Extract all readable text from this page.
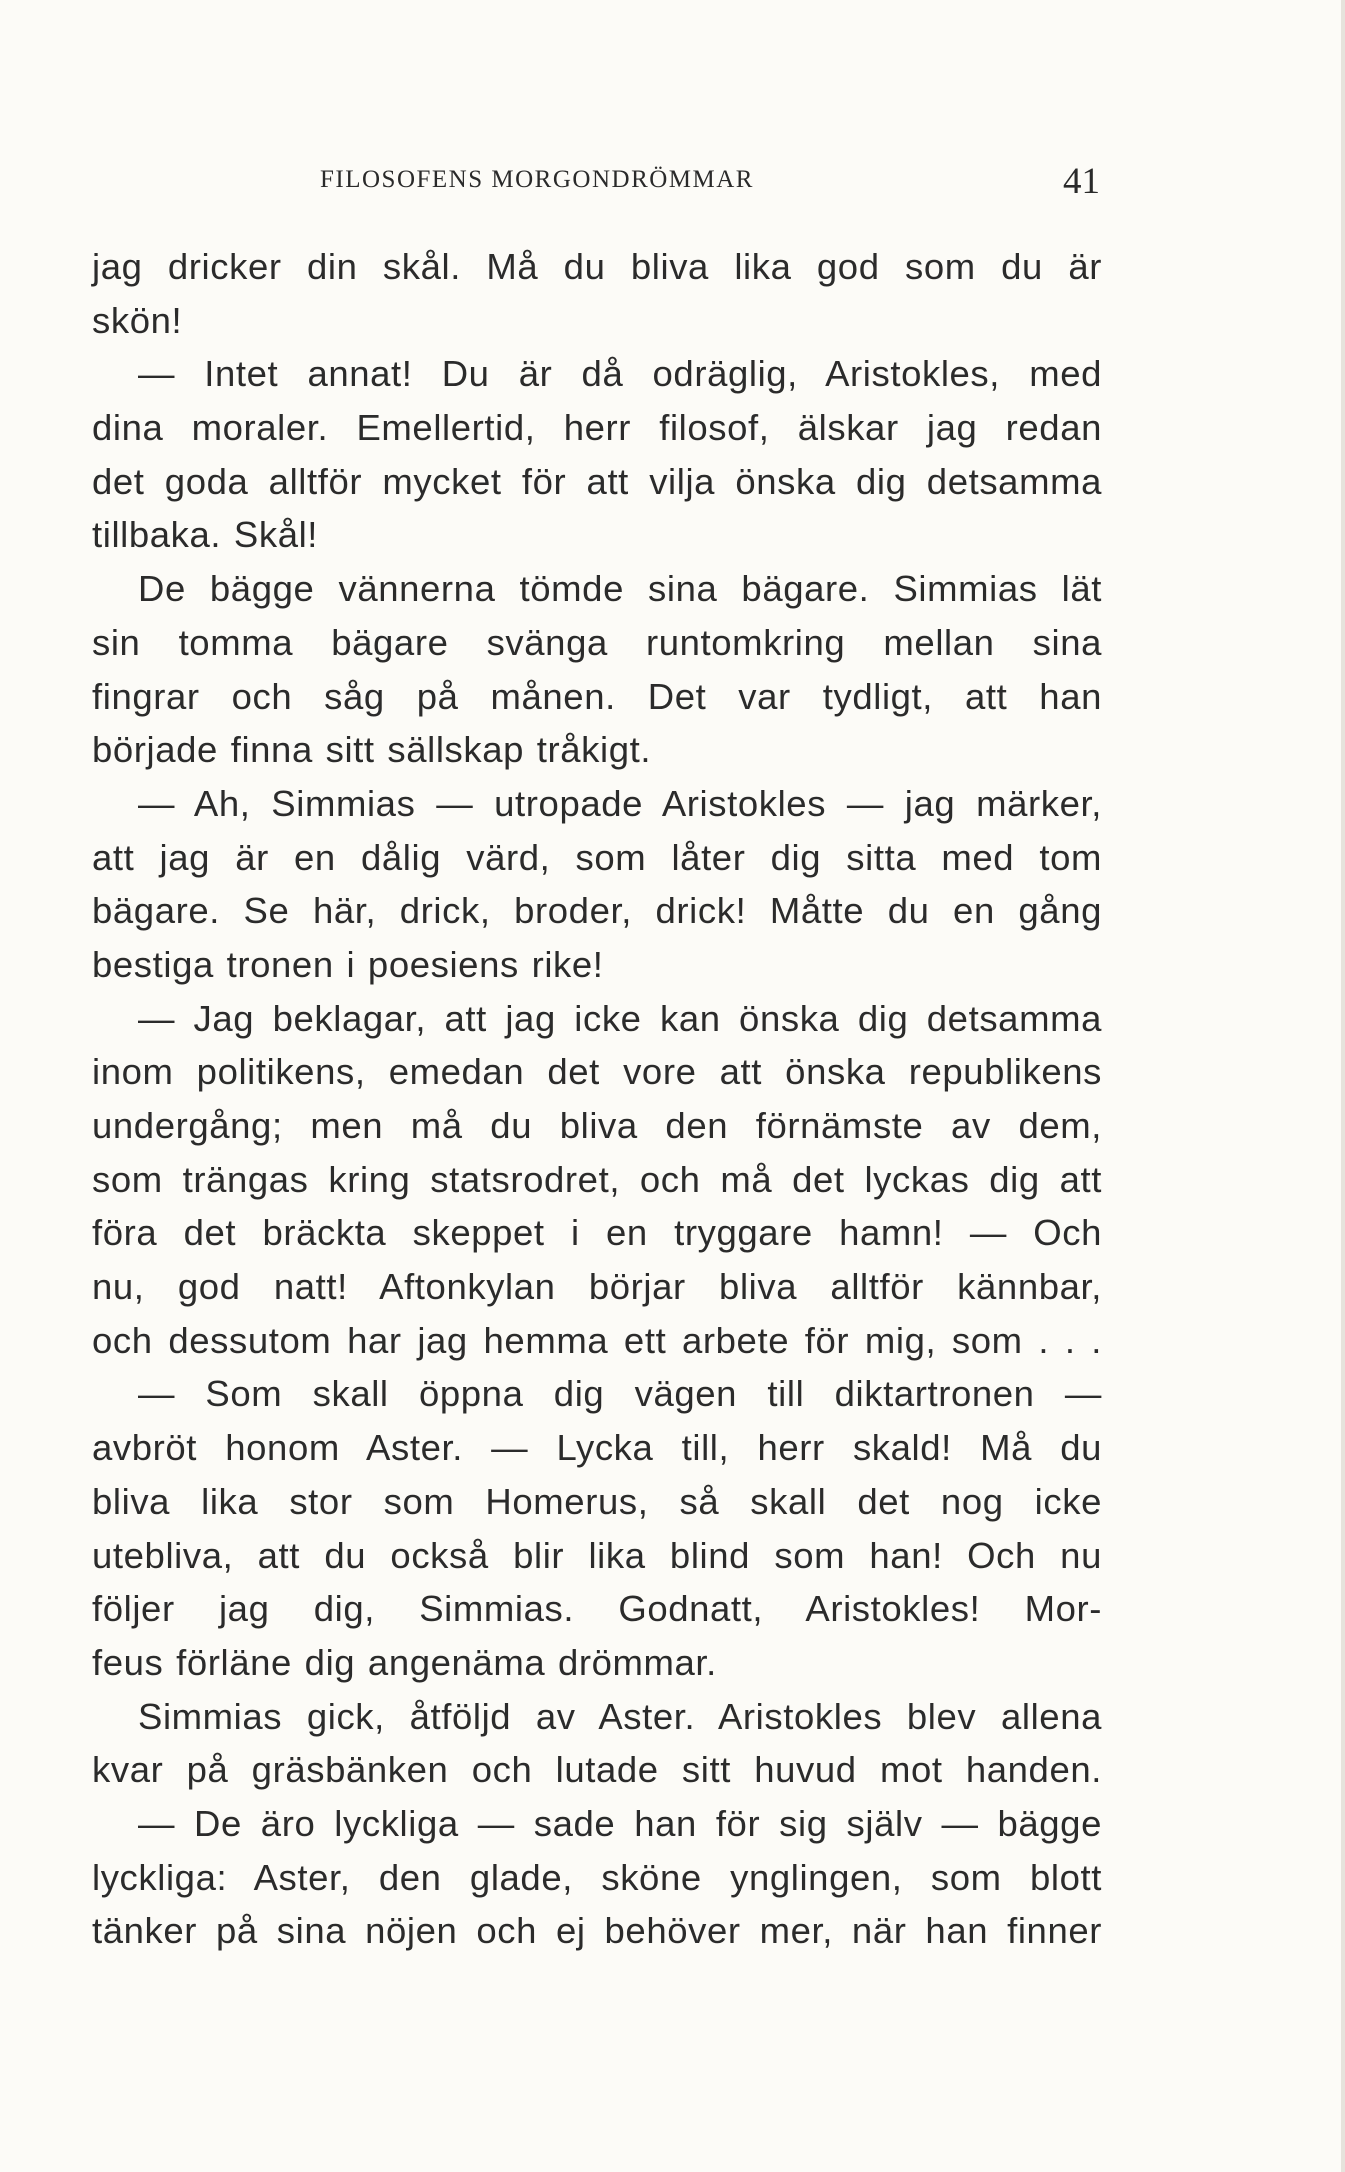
FILOSOFENS MORGONDRÖMMAR	41
jag dricker din skål. Må du bliva lika god som du är
skön!
— Intet annat! Du är då odräglig, Aristokles, med
dina moraler. Emellertid, herr filosof, älskar jag redan
det goda alltför mycket för att vilja önska dig detsamma
tillbaka. Skål!
De bägge vännerna tömde sina bägare. Simmias lät
sin tomma bägare svänga runtomkring mellan sina
fingrar och såg på månen. Det var tydligt, att han
började finna sitt sällskap tråkigt.
— Ah, Simmias — utropade Aristokles — jag märker,
att jag är en dålig värd, som låter dig sitta med tom
bägare. Se här, drick, broder, drick! Måtte du en gång
bestiga tronen i poesiens rike!
— Jag beklagar, att jag icke kan önska dig detsamma
inom politikens, emedan det vore att önska republikens
undergång; men må du bliva den förnämste av dem,
som trängas kring statsrodret, och må det lyckas dig att
föra det bräckta skeppet i en tryggare hamn! — Och
nu, god natt! Aftonkylan börjar bliva alltför kännbar,
och dessutom har jag hemma ett arbete för mig, som . . .
— Som skall öppna dig vägen till diktartronen —
avbröt honom Aster. — Lycka till, herr skald! Må du
bliva lika stor som Homerus, så skall det nog icke
utebliva, att du också blir lika blind som han! Och nu
följer jag dig, Simmias. Godnatt, Aristokles! Mor-
feus förläne dig angenäma drömmar.
Simmias gick, åtföljd av Aster. Aristokles blev allena
kvar på gräsbänken och lutade sitt huvud mot handen.
— De äro lyckliga — sade han för sig själv — bägge
lyckliga: Aster, den glade, sköne ynglingen, som blott
tänker på sina nöjen och ej behöver mer, när han finner
